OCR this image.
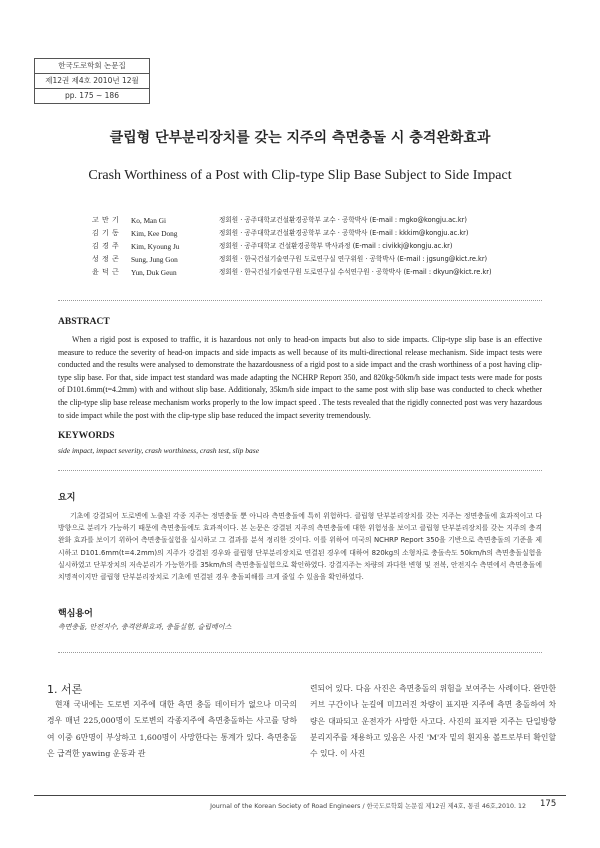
한국도로학회 논문집
제12권 제4호 2010년 12월
pp. 175 ~ 186
클립형 단부분리장치를 갖는 지주의 측면충돌 시 충격완화효과
Crash Worthiness of a Post with Clip-type Slip Base Subject to Side Impact
고 만 기	Ko, Man Gi	정회원 · 공주대학교건설환경공학부 교수 · 공학박사 (E-mail : mgko@kongju.ac.kr)
김 기 동	Kim, Kee Dong	정회원 · 공주대학교건설환경공학부 교수 · 공학박사 (E-mail : kkkim@kongju.ac.kr)
김 경 주	Kim, Kyoung Ju	정회원 · 공주대학교 건설환경공학부 박사과정 (E-mail : civikkj@kongju.ac.kr)
성 정 곤	Sung, Jung Gon	정회원 · 한국건설기술연구원 도로연구실 연구위원 · 공학박사 (E-mail : jgsung@kict.re.kr)
윤 덕 근	Yun, Duk Geun	정회원 · 한국건설기술연구원 도로연구실 수석연구원 · 공학박사 (E-mail : dkyun@kict.re.kr)
ABSTRACT

When a rigid post is exposed to traffic, it is hazardous not only to head-on impacts but also to side impacts. Clip-type slip base is an effective measure to reduce the severity of head-on impacts and side impacts as well because of its multi-directional release mechanism. Side impact tests were conducted and the results were analysed to demonstrate the hazardousness of a rigid post to a side impact and the crash worthiness of a post having clip-type slip base. For that, side impact test standard was made adapting the NCHRP Report 350, and 820kg-50km/h side impact tests were made for posts of D101.6mm(t=4.2mm) with and without slip base. Additionaly, 35km/h side impact to the same post with slip base was conducted to check whether the clip-type slip base release mechanism works properly to the low impact speed . The tests revealed that the rigidly connected post was very hazardous to side impact while the post with the clip-type slip base reduced the impact severity tremendously.

KEYWORDS
side impact, impact severity, crash worthiness, crash test, slip base
요지

기초에 강결되어 도로변에 노출된 각종 지주는 정면충돌 뿐 아니라 측면충돌에 특히 위험하다. 클립형 단부분리장치를 갖는 지주는 정면충돌에 효과적이고 다방향으로 분리가 가능하기 때문에 측면충돌에도 효과적이다. 본 논문은 강결된 지주의 측면충돌에 대한 위험성을 보이고 클립형 단부분리장치를 갖는 지주의 충격완화 효과를 보이기 위하여 측면충돌실험을 실시하고 그 결과를 분석 정리한 것이다. 이를 위하여 미국의 NCHRP Report 350을 기반으로 측면충돌의 기준을 제시하고 D101.6mm(t=4.2mm)의 지주가 강결된 경우와 클립형 단부분리장치로 연결된 경우에 대하여 820kg의 소형차로 충돌속도 50km/h의 측면충돌실험을 실시하였고 단부장치의 저속분리가 가능한가를 35km/h의 측면충돌실험으로 확인하였다. 강결지주는 차량의 과다한 변형 및 전복, 안전지수 측면에서 측면충돌에 치명적이지만 클립형 단부분리장치로 기초에 연결된 경우 충돌피해를 크게 줄일 수 있음을 확인하였다.

핵심용어
측면충돌, 안전지수, 충격완화효과, 충돌실험, 슬립베이스
1. 서론

현재 국내에는 도로변 지주에 대한 측면 충돌 데이터가 없으나 미국의 경우 매년 225,000명이 도로변의 각종지주에 측면충돌하는 사고를 당하여 이중 6만명이 부상하고 1,600명이 사망한다는 통계가 있다. 측면충돌은 급격한 yawing 운동과 관

련되어 있다. 다음 사진은 측면충돌의 위험을 보여주는 사례이다. 완만한 커브 구간이나 눈길에 미끄러진 차량이 표지판 지주에 측면 충돌하여 차량은 대파되고 운전자가 사망한 사고다. 사진의 표지판 지주는 단일방향 분리지주를 채용하고 있음은 사진 'M'자 밑의 흰지용 볼트로부터 확인할 수 있다. 이 사진

Journal of the Korean Society of Road Engineers / 한국도로학회 논문집 제12권 제4호, 통권 46호,2010. 12 175
